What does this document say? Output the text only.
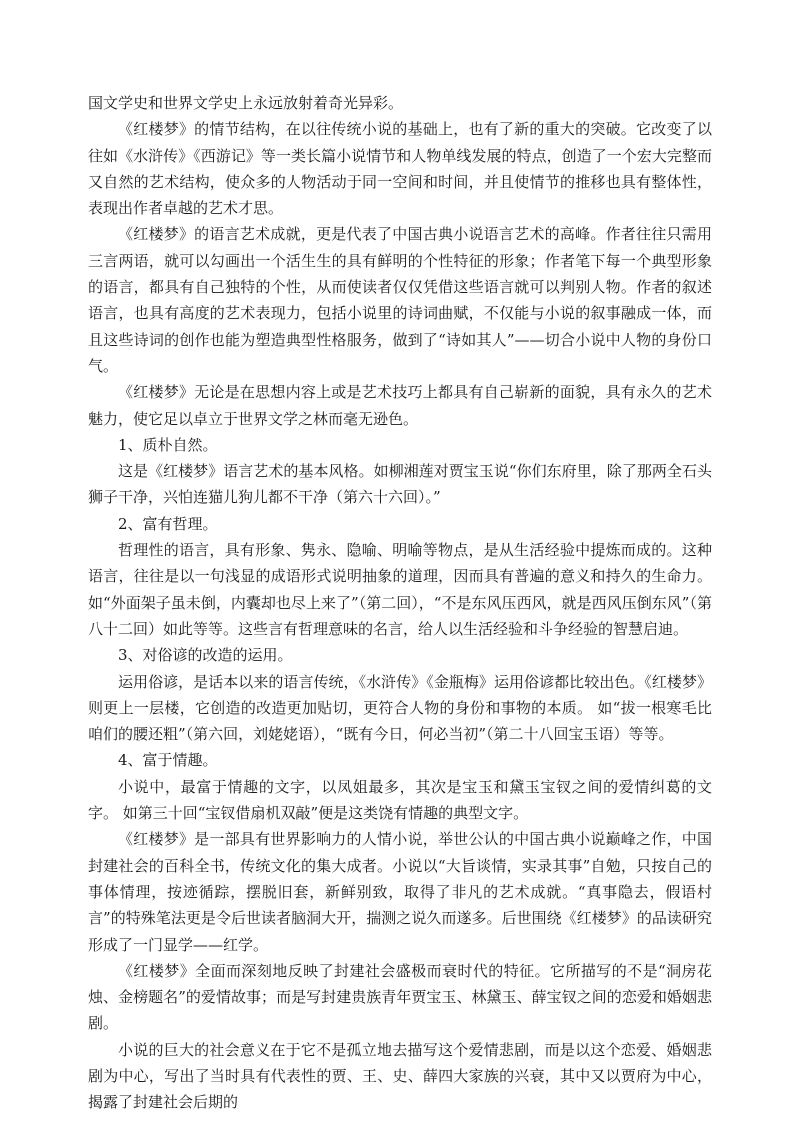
国文学史和世界文学史上永远放射着奇光异彩。

《红楼梦》的情节结构，在以往传统小说的基础上，也有了新的重大的突破。它改变了以往如《水浒传》《西游记》等一类长篇小说情节和人物单线发展的特点，创造了一个宏大完整而又自然的艺术结构，使众多的人物活动于同一空间和时间，并且使情节的推移也具有整体性，表现出作者卓越的艺术才思。

《红楼梦》的语言艺术成就，更是代表了中国古典小说语言艺术的高峰。作者往往只需用三言两语，就可以勾画出一个活生生的具有鲜明的个性特征的形象；作者笔下每一个典型形象的语言，都具有自己独特的个性，从而使读者仅仅凭借这些语言就可以判别人物。作者的叙述语言，也具有高度的艺术表现力，包括小说里的诗词曲赋，不仅能与小说的叙事融成一体，而且这些诗词的创作也能为塑造典型性格服务，做到了“诗如其人”——切合小说中人物的身份口气。

《红楼梦》无论是在思想内容上或是艺术技巧上都具有自己崭新的面貌，具有永久的艺术魅力，使它足以卓立于世界文学之林而毫无逊色。

1、质朴自然。

这是《红楼梦》语言艺术的基本风格。如柳湘莲对贾宝玉说“你们东府里，除了那两全石头狮子干净，兴怕连猫儿狗儿都不干净（第六十六回）。”

2、富有哲理。

哲理性的语言，具有形象、隽永、隐喻、明喻等物点，是从生活经验中提炼而成的。这种语言，往往是以一句浅显的成语形式说明抽象的道理，因而具有普遍的意义和持久的生命力。 如“外面架子虽未倒，内囊却也尽上来了”（第二回），“不是东风压西风，就是西风压倒东风”（第八十二回）如此等等。这些言有哲理意味的名言，给人以生活经验和斗争经验的智慧启迪。

3、对俗谚的改造的运用。

运用俗谚，是话本以来的语言传统，《水浒传》《金瓶梅》运用俗谚都比较出色。《红楼梦》则更上一层楼，它创造的改造更加贴切，更符合人物的身份和事物的本质。 如“拔一根寒毛比咱们的腰还粗”（第六回，刘姥姥语），“既有今日，何必当初”（第二十八回宝玉语）等等。

4、富于情趣。

小说中，最富于情趣的文字，以凤姐最多，其次是宝玉和黛玉宝钗之间的爱情纠葛的文字。 如第三十回“宝钗借扇机双敲”便是这类饶有情趣的典型文字。

《红楼梦》是一部具有世界影响力的人情小说，举世公认的中国古典小说巅峰之作，中国封建社会的百科全书，传统文化的集大成者。小说以“大旨谈情，实录其事”自勉，只按自己的事体情理，按迹循踪，摆脱旧套，新鲜别致，取得了非凡的艺术成就。“真事隐去，假语村言”的特殊笔法更是令后世读者脑洞大开，揣测之说久而遂多。后世围绕《红楼梦》的品读研究形成了一门显学——红学。

《红楼梦》全面而深刻地反映了封建社会盛极而衰时代的特征。它所描写的不是“洞房花烛、金榜题名”的爱情故事；而是写封建贵族青年贾宝玉、林黛玉、薛宝钗之间的恋爱和婚姻悲剧。

小说的巨大的社会意义在于它不是孤立地去描写这个爱情悲剧，而是以这个恋爱、婚姻悲剧为中心，写出了当时具有代表性的贾、王、史、薛四大家族的兴衰，其中又以贾府为中心，揭露了封建社会后期的
